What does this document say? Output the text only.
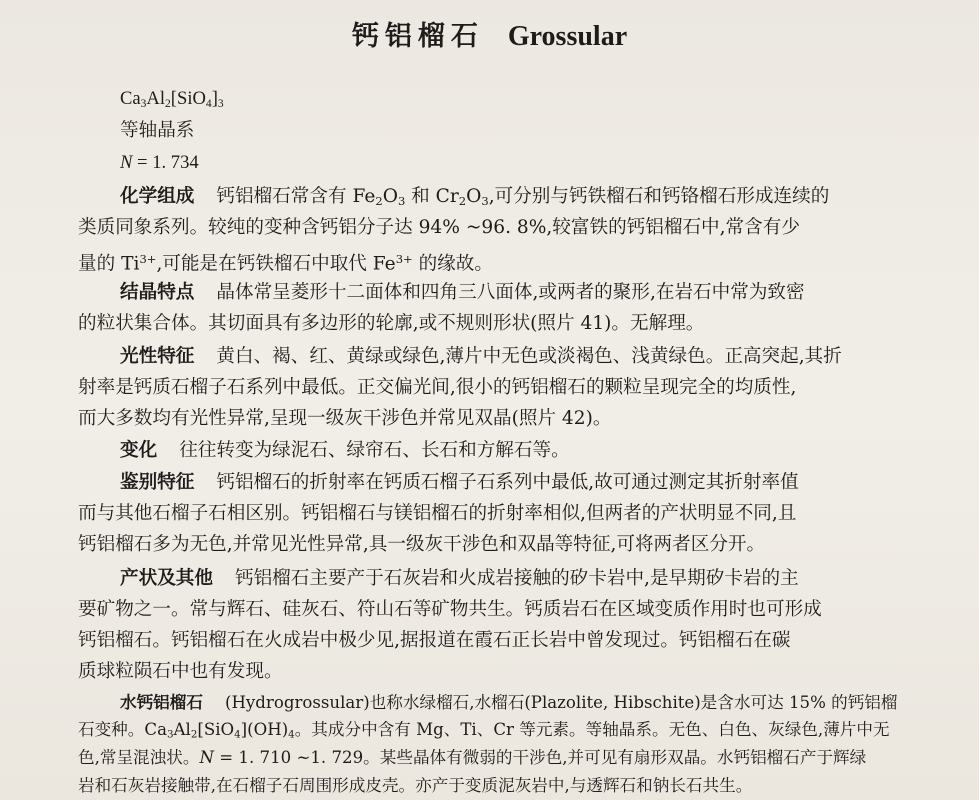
钙铝榴石 Grossular
$Ca_3Al_2[SiO_4]_3$
等轴晶系
N = 1. 734
化学组成 钙铝榴石常含有 $Fe_2O_3$ 和 $Cr_2O_3$,可分别与钙铁榴石和钙铬榴石形成连续的
类质同象系列。较纯的变种含钙铝分子达 94% ~96. 8%,较富铁的钙铝榴石中,常含有少
量的 $Ti^{3+}$,可能是在钙铁榴石中取代 $Fe^{3+}$ 的缘故。
结晶特点 晶体常呈菱形十二面体和四角三八面体,或两者的聚形,在岩石中常为致密
的粒状集合体。其切面具有多边形的轮廓,或不规则形状(照片 41)。无解理。
光性特征 黄白、褐、红、黄绿或绿色,薄片中无色或淡褐色、浅黄绿色。正高突起,其折
射率是钙质石榴子石系列中最低。正交偏光间,很小的钙铝榴石的颗粒呈现完全的均质性,
而大多数均有光性异常,呈现一级灰干涉色并常见双晶(照片 42)。
变化 往往转变为绿泥石、绿帘石、长石和方解石等。
鉴别特征 钙铝榴石的折射率在钙质石榴子石系列中最低,故可通过测定其折射率值
而与其他石榴子石相区别。钙铝榴石与镁铝榴石的折射率相似,但两者的产状明显不同,且
钙铝榴石多为无色,并常见光性异常,具一级灰干涉色和双晶等特征,可将两者区分开。
产状及其他 钙铝榴石主要产于石灰岩和火成岩接触的矽卡岩中,是早期矽卡岩的主
要矿物之一。常与辉石、硅灰石、符山石等矿物共生。钙质岩石在区域变质作用时也可形成
钙铝榴石。钙铝榴石在火成岩中极少见,据报道在霞石正长岩中曾发现过。钙铝榴石在碳
质球粒陨石中也有发现。
水钙铝榴石 (Hydrogrossular)也称水绿榴石,水榴石(Plazolite, Hibschite)是含水可达 15% 的钙铝榴
石变种。$Ca_3Al_2[SiO_4](OH)_4$。其成分中含有 Mg、Ti、Cr 等元素。等轴晶系。无色、白色、灰绿色,薄片中无
色,常呈混浊状。N = 1. 710 ~1. 729。某些晶体有微弱的干涉色,并可见有扇形双晶。水钙铝榴石产于辉绿
岩和石灰岩接触带,在石榴子石周围形成皮壳。亦产于变质泥灰岩中,与透辉石和钠长石共生。
